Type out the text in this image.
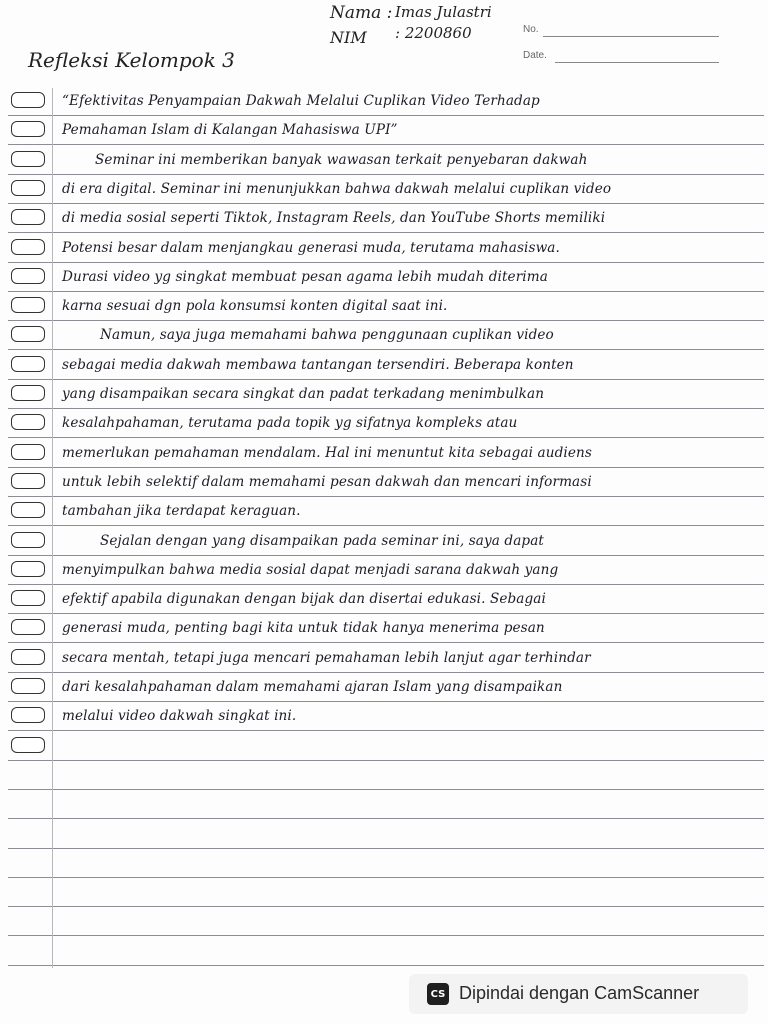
Nama : Imas Julastri
NIM : 2200860	No.
Date.
Refleksi Kelompok 3
“Efektivitas Penyampaian Dakwah Melalui Cuplikan Video Terhadap
Pemahaman Islam di Kalangan Mahasiswa UPI”
Seminar ini memberikan banyak wawasan terkait penyebaran dakwah
di era digital. Seminar ini menunjukkan bahwa dakwah melalui cuplikan video
di media sosial seperti Tiktok, Instagram Reels, dan YouTube Shorts memiliki
Potensi besar dalam menjangkau generasi muda, terutama mahasiswa.
Durasi video yg singkat membuat pesan agama lebih mudah diterima
karna sesuai dgn pola konsumsi konten digital saat ini.
Namun, saya juga memahami bahwa penggunaan cuplikan video
sebagai media dakwah membawa tantangan tersendiri. Beberapa konten
yang disampaikan secara singkat dan padat terkadang menimbulkan
kesalahpahaman, terutama pada topik yg sifatnya kompleks atau
memerlukan pemahaman mendalam. Hal ini menuntut kita sebagai audiens
untuk lebih selektif dalam memahami pesan dakwah dan mencari informasi
tambahan jika terdapat keraguan.
Sejalan dengan yang disampaikan pada seminar ini, saya dapat
menyimpulkan bahwa media sosial dapat menjadi sarana dakwah yang
efektif apabila digunakan dengan bijak dan disertai edukasi. Sebagai
generasi muda, penting bagi kita untuk tidak hanya menerima pesan
secara mentah, tetapi juga mencari pemahaman lebih lanjut agar terhindar
dari kesalahpahaman dalam memahami ajaran Islam yang disampaikan
melalui video dakwah singkat ini.
CS Dipindai dengan CamScanner
